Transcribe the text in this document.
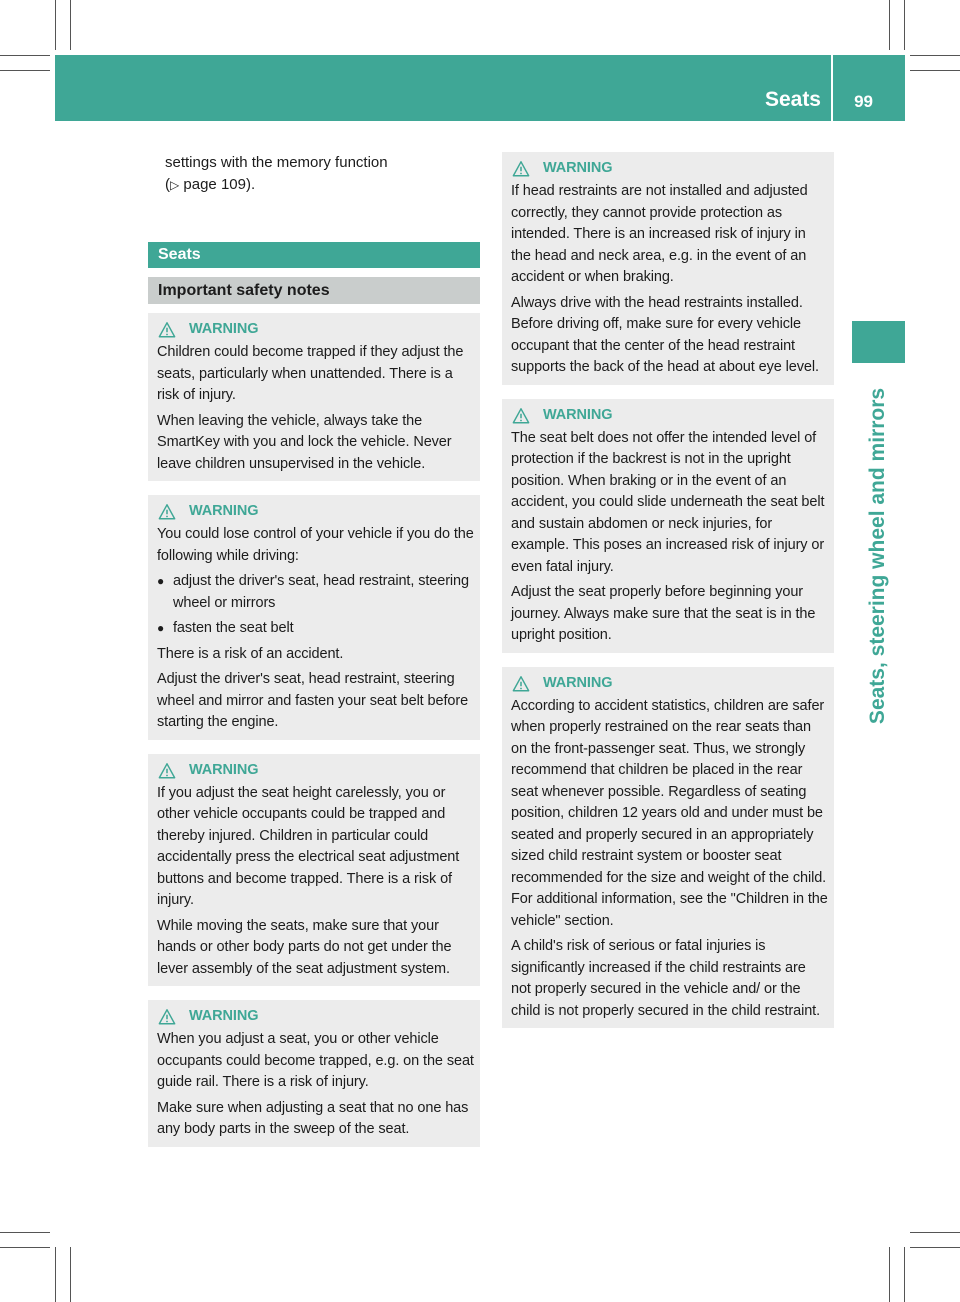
Seats 99
Seats, steering wheel and mirrors
settings with the memory function
(▷ page 109).
Seats
Important safety notes
WARNING

Children could become trapped if they adjust the seats, particularly when unattended. There is a risk of injury.

When leaving the vehicle, always take the SmartKey with you and lock the vehicle. Never leave children unsupervised in the vehicle.

WARNING

You could lose control of your vehicle if you do the following while driving:

● adjust the driver's seat, head restraint, steering wheel or mirrors
● fasten the seat belt

There is a risk of an accident.

Adjust the driver's seat, head restraint, steering wheel and mirror and fasten your seat belt before starting the engine.

WARNING

If you adjust the seat height carelessly, you or other vehicle occupants could be trapped and thereby injured. Children in particular could accidentally press the electrical seat adjustment buttons and become trapped. There is a risk of injury.

While moving the seats, make sure that your hands or other body parts do not get under the lever assembly of the seat adjustment system.

WARNING

When you adjust a seat, you or other vehicle occupants could become trapped, e.g. on the seat guide rail. There is a risk of injury.

Make sure when adjusting a seat that no one has any body parts in the sweep of the seat.

WARNING

If head restraints are not installed and adjusted correctly, they cannot provide protection as intended. There is an increased risk of injury in the head and neck area, e.g. in the event of an accident or when braking.

Always drive with the head restraints installed. Before driving off, make sure for every vehicle occupant that the center of the head restraint supports the back of the head at about eye level.

WARNING

The seat belt does not offer the intended level of protection if the backrest is not in the upright position. When braking or in the event of an accident, you could slide underneath the seat belt and sustain abdomen or neck injuries, for example. This poses an increased risk of injury or even fatal injury.

Adjust the seat properly before beginning your journey. Always make sure that the seat is in the upright position.

WARNING

According to accident statistics, children are safer when properly restrained on the rear seats than on the front-passenger seat. Thus, we strongly recommend that children be placed in the rear seat whenever possible. Regardless of seating position, children 12 years old and under must be seated and properly secured in an appropriately sized child restraint system or booster seat recommended for the size and weight of the child. For additional information, see the "Children in the vehicle" section.

A child's risk of serious or fatal injuries is significantly increased if the child restraints are not properly secured in the vehicle and/ or the child is not properly secured in the child restraint.
